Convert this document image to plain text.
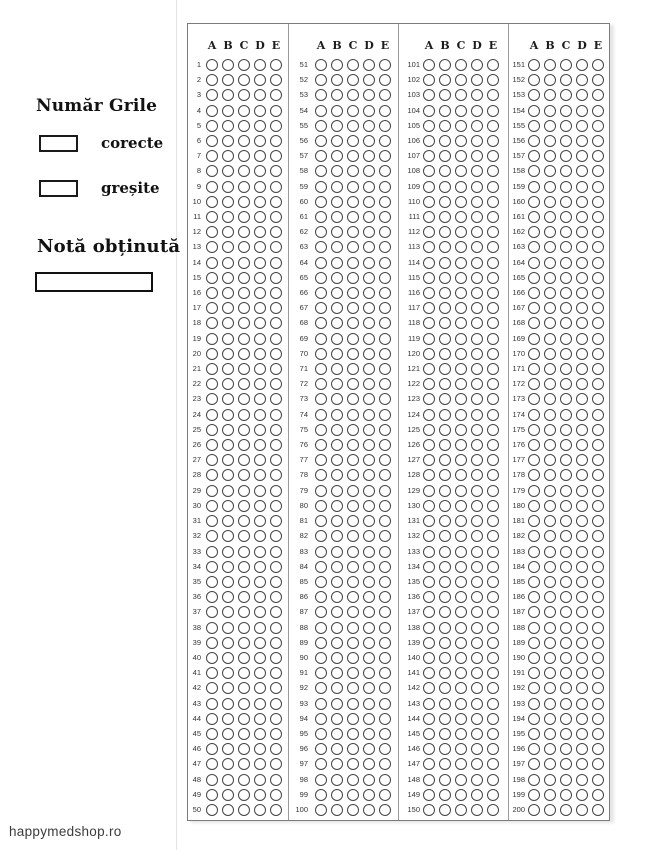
Număr Grile
corecte
greșite
Notă obținută
A B C D E
1
2
3
4
5
6
7
8
9
10
11
12
13
14
15
16
17
18
19
20
21
22
23
24
25
26
27
28
29
30
31
32
33
34
35
36
37
38
39
40
41
42
43
44
45
46
47
48
49
50
A B C D E
51
52
53
54
55
56
57
58
59
60
61
62
63
64
65
66
67
68
69
70
71
72
73
74
75
76
77
78
79
80
81
82
83
84
85
86
87
88
89
90
91
92
93
94
95
96
97
98
99
100
A B C D E
101
102
103
104
105
106
107
108
109
110
111
112
113
114
115
116
117
118
119
120
121
122
123
124
125
126
127
128
129
130
131
132
133
134
135
136
137
138
139
140
141
142
143
144
145
146
147
148
149
150
A B C D E
151
152
153
154
155
156
157
158
159
160
161
162
163
164
165
166
167
168
169
170
171
172
173
174
175
176
177
178
179
180
181
182
183
184
185
186
187
188
189
190
191
192
193
194
195
196
197
198
199
200
happymedshop.ro
